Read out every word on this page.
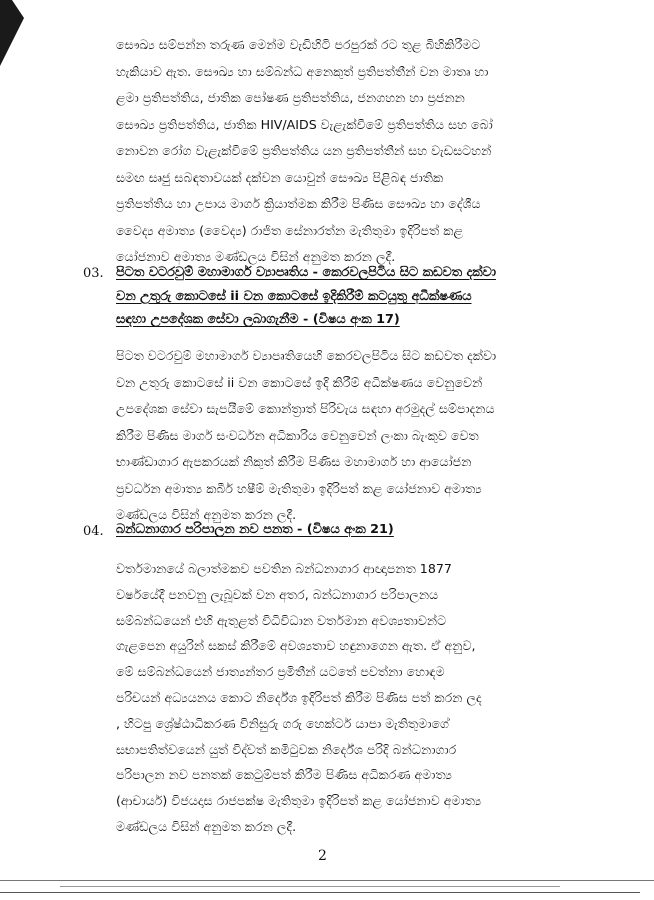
සෞඛ්‍ය සම්පන්න තරුණ මෙන්ම වැඩිහිටි පරපුරක් රට තුළ බිහිකිරීමට

හැකියාව ඇත. සෞඛ්‍ය හා සම්බන්ධ අනෙකුත් ප්‍රතිපත්තීන් වන මාතෘ හා

ළමා ප්‍රතිපත්තිය, ජාතික පෝෂණ ප්‍රතිපත්තිය, ජනගහන හා ප්‍රජනන

සෞඛ්‍ය ප්‍රතිපත්තිය, ජාතික HIV/AIDS වැළැක්වීමේ ප්‍රතිපත්තිය සහ බෝ

නොවන රෝග වැළැක්වීමේ ප්‍රතිපත්තිය යන ප්‍රතිපත්තීන් සහ වැඩසටහන්

සමඟ සෘජු සබඳතාවයක් දක්වන යොවුන් සෞඛ්‍ය පිළිබඳ ජාතික

ප්‍රතිපත්තිය හා උපාය මාර්ග ක්‍රියාත්මක කිරීම පිණිස සෞඛ්‍ය හා දේශීය

වෛද්‍ය අමාත්‍ය (වෛද්‍ය) රාජිත සේනාරත්න මැතිතුමා ඉදිරිපත් කළ

යෝජනාව අමාත්‍ය මණ්ඩලය විසින් අනුමත කරන ලදී.

03. පිටත වටරවුම් මහාමාර්ග ව්‍යාපෘතිය - කෙරවලපිටිය සිට කඩවත දක්වා
වන උතුරු කොටසේ ii වන කොටසේ ඉදිකිරීම් කටයුතු අධීක්ෂණය
සඳහා උපදේශක සේවා ලබාගැනීම - (විෂය අංක 17)

පිටත වටරවුම් මහාමාර්ග ව්‍යාපෘතියෙහි කෙරවලපිටිය සිට කඩවත දක්වා

වන උතුරු කොටසේ ii වන කොටසේ ඉදි කිරීම් අධීක්ෂණය වෙනුවෙන්

උපදේශක සේවා සැපයීමේ කොන්ත්‍රාත් පිරිවැය සඳහා අරමුදල් සම්පාදනය

කිරීම පිණිස මාර්ග සංවර්ධන අධිකාරිය වෙනුවෙන් ලංකා බැංකුව වෙත

භාණ්ඩාගාර ඇපකරයක් නිකුත් කිරීම පිණිස මහාමාර්ග හා ආයෝජන

ප්‍රවර්ධන අමාත්‍ය කබීර් හෂීම් මැතිතුමා ඉදිරිපත් කළ යෝජනාව අමාත්‍ය

මණ්ඩලය විසින් අනුමත කරන ලදී.

04. බන්ධනාගාර පරිපාලන නව පනත - (විෂය අංක 21)

වර්තමානයේ බලාත්මකව පවතින බන්ධනාගාර ආඥාපනත 1877

වර්ෂයේදී පනවනු ලැබූවක් වන අතර, බන්ධනාගාර පරිපාලනය

සම්බන්ධයෙන් එහි ඇතුළත් විධිවිධාන වර්තමාන අවශ්‍යතාවන්ට

ගැළපෙන අයුරින් සකස් කිරීමේ අවශ්‍යතාව හඳුනාගෙන ඇත. ඒ අනුව,

මේ සම්බන්ධයෙන් ජාත්‍යන්තර ප්‍රමිතීන් යටතේ පවත්නා හොඳම

පරිචයන් අධ්‍යයනය කොට නිර්දේශ ඉදිරිපත් කිරීම පිණිස පත් කරන ලද

, හිටපු ශ්‍රේෂ්ඨාධිකරණ විනිසුරු ගරු හෙක්ටර් යාපා මැතිතුමාගේ

සභාපතිත්වයෙන් යුත් විද්වත් කමිටුවක නිර්දේශ පරිදි බන්ධනාගාර

පරිපාලන නව පනතක් කෙටුම්පත් කිරීම පිණිස අධිකරණ අමාත්‍ය

(ආචාර්ය) විජයදාස රාජපක්ෂ මැතිතුමා ඉදිරිපත් කළ යෝජනාව අමාත්‍ය

මණ්ඩලය විසින් අනුමත කරන ලදී.

2
